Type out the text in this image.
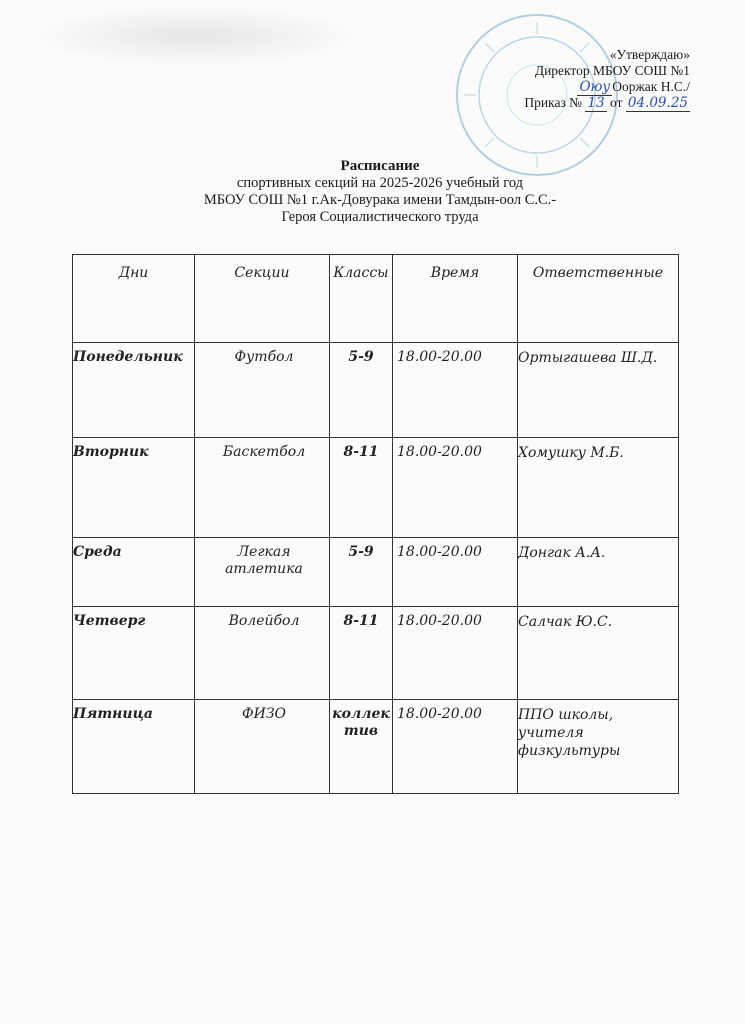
«Утверждаю»
Директор МБОУ СОШ №1
Оюу Ооржак Н.С./
Приказ № 13 от 04.09.25
Расписание
спортивных секций на 2025-2026 учебный год
МБОУ СОШ №1 г.Ак-Довурака имени Тамдын-оол С.С.-
Героя Социалистического труда
Дни	Секции	Классы	Время	Ответственные
Понедельник	Футбол	5-9	18.00-20.00	Ортыгашева Ш.Д.

Вторник	Баскетбол	8-11	18.00-20.00	Хомушку М.Б.

Среда	Легкая атлетика	5-9	18.00-20.00	Донгак А.А.

Четверг	Волейбол	8-11	18.00-20.00	Салчак Ю.С.

Пятница	ФИЗО	коллек тив	18.00-20.00	ППО школы, учителя физкультуры
